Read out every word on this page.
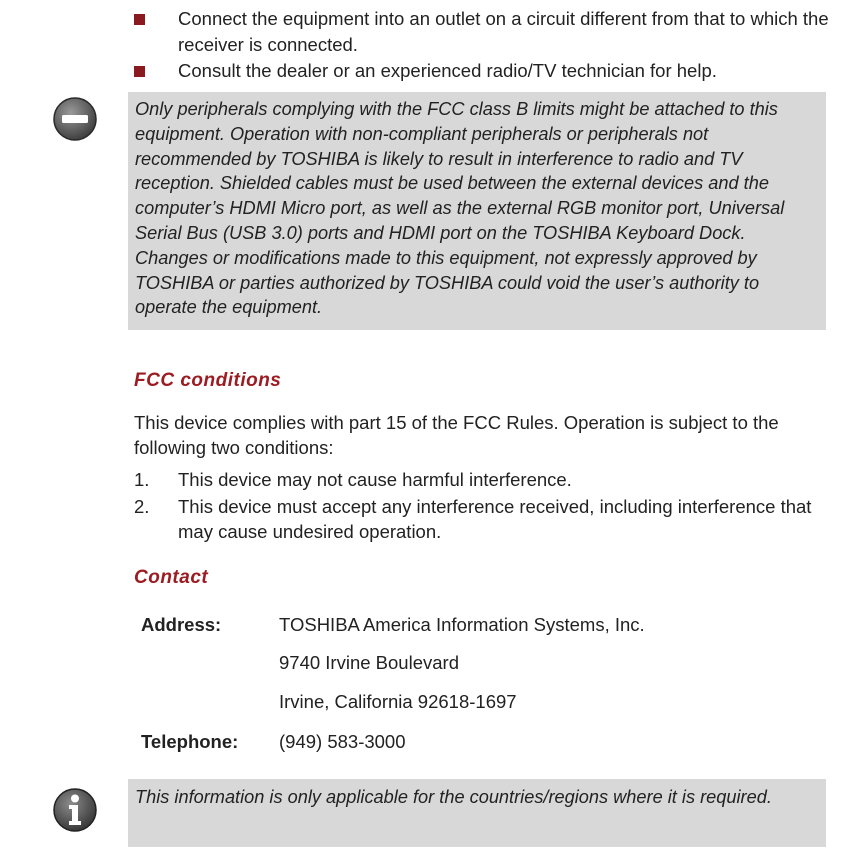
Connect the equipment into an outlet on a circuit different from that to which the receiver is connected.
Consult the dealer or an experienced radio/TV technician for help.
Only peripherals complying with the FCC class B limits might be attached to this equipment. Operation with non-compliant peripherals or peripherals not recommended by TOSHIBA is likely to result in interference to radio and TV reception. Shielded cables must be used between the external devices and the computer’s HDMI Micro port, as well as the external RGB monitor port, Universal Serial Bus (USB 3.0) ports and HDMI port on the TOSHIBA Keyboard Dock. Changes or modifications made to this equipment, not expressly approved by TOSHIBA or parties authorized by TOSHIBA could void the user’s authority to operate the equipment.
FCC conditions
This device complies with part 15 of the FCC Rules. Operation is subject to the following two conditions:
1. This device may not cause harmful interference.
2. This device must accept any interference received, including interference that may cause undesired operation.
Contact
Address:	TOSHIBA America Information Systems, Inc.
9740 Irvine Boulevard
Irvine, California 92618-1697
Telephone: (949) 583-3000
This information is only applicable for the countries/regions where it is required.
